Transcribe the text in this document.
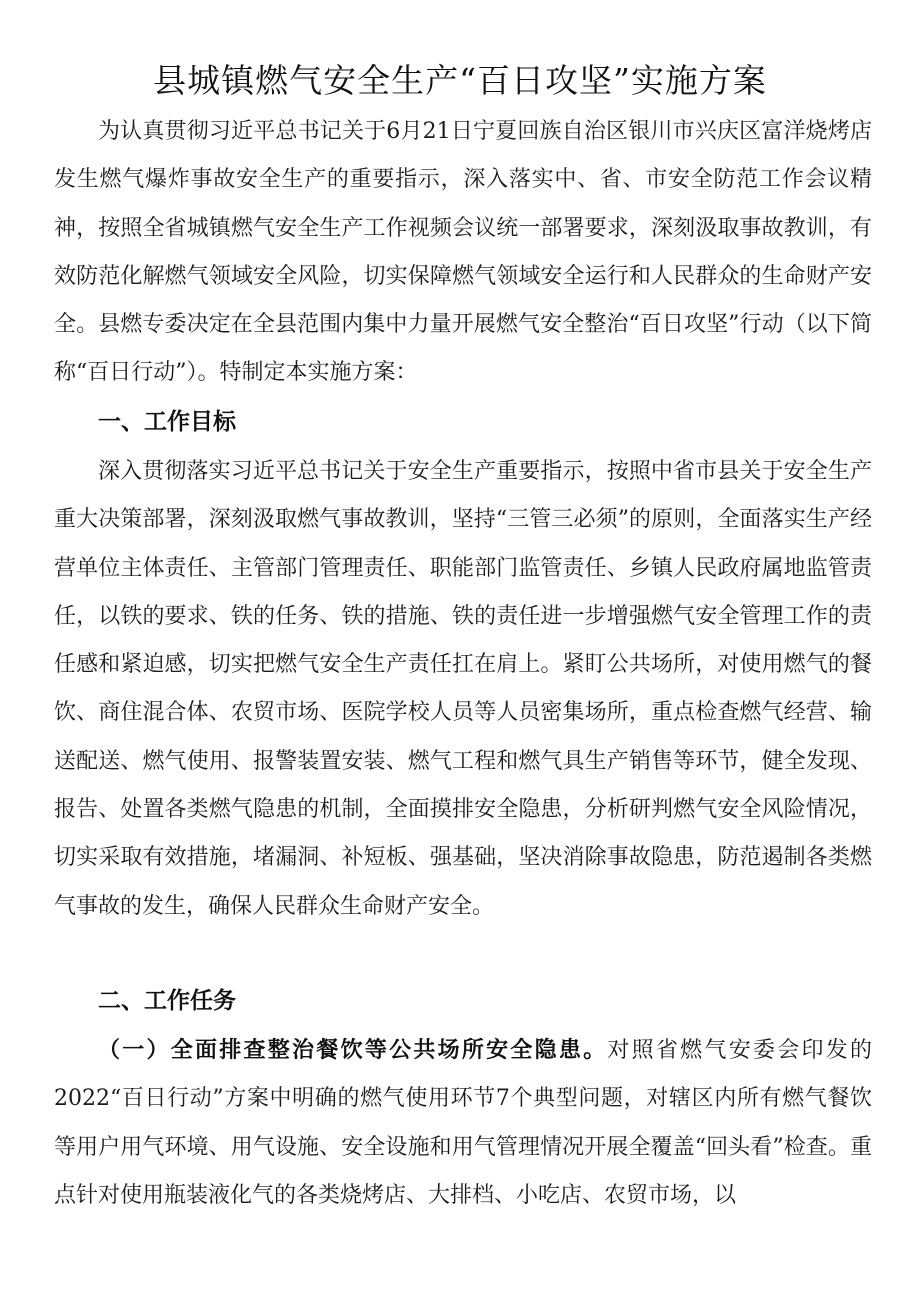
县城镇燃气安全生产“百日攻坚”实施方案

为认真贯彻习近平总书记关于6月21日宁夏回族自治区银川市兴庆区富洋烧烤店发生燃气爆炸事故安全生产的重要指示，深入落实中、省、市安全防范工作会议精神，按照全省城镇燃气安全生产工作视频会议统一部署要求，深刻汲取事故教训，有效防范化解燃气领域安全风险，切实保障燃气领域安全运行和人民群众的生命财产安全。县燃专委决定在全县范围内集中力量开展燃气安全整治“百日攻坚”行动（以下简称“百日行动”）。特制定本实施方案：

一、工作目标

深入贯彻落实习近平总书记关于安全生产重要指示，按照中省市县关于安全生产重大决策部署，深刻汲取燃气事故教训，坚持“三管三必须”的原则，全面落实生产经营单位主体责任、主管部门管理责任、职能部门监管责任、乡镇人民政府属地监管责任，以铁的要求、铁的任务、铁的措施、铁的责任进一步增强燃气安全管理工作的责任感和紧迫感，切实把燃气安全生产责任扛在肩上。紧盯公共场所，对使用燃气的餐饮、商住混合体、农贸市场、医院学校人员等人员密集场所，重点检查燃气经营、输送配送、燃气使用、报警装置安装、燃气工程和燃气具生产销售等环节，健全发现、报告、处置各类燃气隐患的机制，全面摸排安全隐患，分析研判燃气安全风险情况，切实采取有效措施，堵漏洞、补短板、强基础，坚决消除事故隐患，防范遏制各类燃气事故的发生，确保人民群众生命财产安全。

二、工作任务

（一）全面排查整治餐饮等公共场所安全隐患。对照省燃气安委会印发的2022“百日行动”方案中明确的燃气使用环节7个典型问题，对辖区内所有燃气餐饮等用户用气环境、用气设施、安全设施和用气管理情况开展全覆盖“回头看”检查。重点针对使用瓶装液化气的各类烧烤店、大排档、小吃店、农贸市场，以
